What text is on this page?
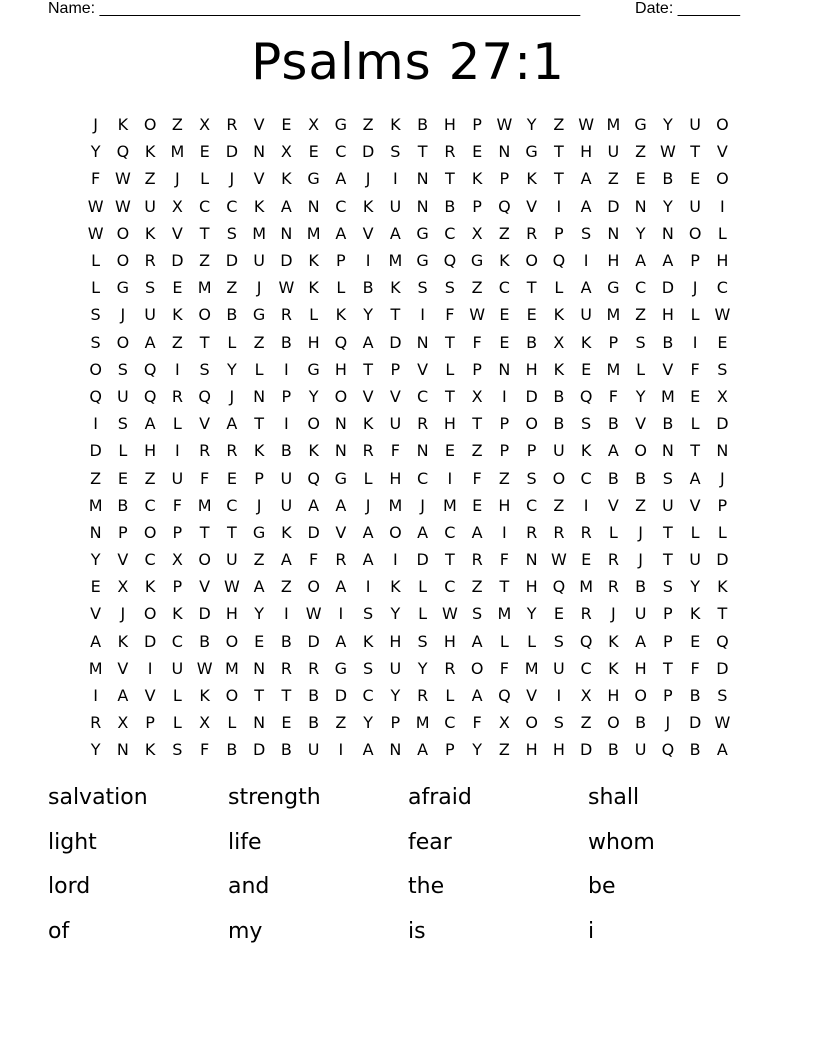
Name: ______________________________________________________	Date: _______
Psalms 27:1
J	K O Z	X	R	V	E	X G Z	K	B H	P W Y	Z W M G	Y	U O
Y	Q K M E	D N X	E	C D	S	T	R	E	N G	T	H U Z W T	V
F W Z	J	L	J	V	K G A	J	I	N	T	K	P	K	T	A	Z	E	B	E O
W W U X	C	C	K	A N C	K	U N B	P	Q V	I	A D N	Y	U	I
W O K	V	T	S M N M A	V	A G C	X	Z	R	P	S	N	Y	N O	L
L	O R D Z D U D K	P	I	M G Q G K O Q	I	H A	A	P	H
L	G S	E M Z	J	W K	L	B	K	S	S	Z	C	T	L	A G C D	J	C
S	J	U	K O B G R	L	K	Y	T	I	F W E	E	K	U M Z H	L W
S O A	Z	T	L	Z	B H Q A D N	T	F	E	B	X	K	P	S	B	I	E
O S Q	I	S	Y	L	I	G H	T	P	V	L	P	N H K	E M L	V	F	S
Q U Q R Q	J	N	P	Y	O V	V	C	T	X	I	D B Q	F	Y M E	X
I	S	A	L	V	A	T	I	O N	K	U R H	T	P	O B	S	B	V	B	L	D
D	L	H	I	R	R	K	B	K	N R	F	N	E	Z	P	P	U	K	A O N	T	N
Z	E	Z U	F	E	P	U Q G	L	H C	I	F	Z	S O C	B	B	S	A	J
M B	C	F M C	J	U A	A	J	M	J	M E	H C	Z	I	V	Z U V	P
N	P	O	P	T	T	G K D V	A O A	C	A	I	R	R	R	L	J	T	L	L
Y	V	C	X O U Z	A	F	R	A	I	D	T	R	F	N W E	R	J	T	U D
E	X	K	P	V W A	Z O A	I	K	L	C	Z	T	H Q M R	B	S	Y	K
V	J	O K D H	Y	I	W	I	S	Y	L W S M Y	E	R	J	U	P	K	T
A	K D C	B O E	B D A	K H	S	H A	L	L	S Q K	A	P	E Q
M V	I	U W M N R	R G S	U	Y	R O	F M U C	K H	T	F	D
I	A	V	L	K O	T	T	B D C	Y	R	L	A Q V	I	X H O	P	B	S
R	X	P	L	X	L	N	E	B	Z	Y	P M C	F	X O S	Z O B	J	D W
Y	N	K	S	F	B D B U	I	A N A	P	Y	Z H H D B U Q B	A
salvation	strength	afraid	shall
light	life	fear	whom
lord	and	the	be
of	my	is	i
